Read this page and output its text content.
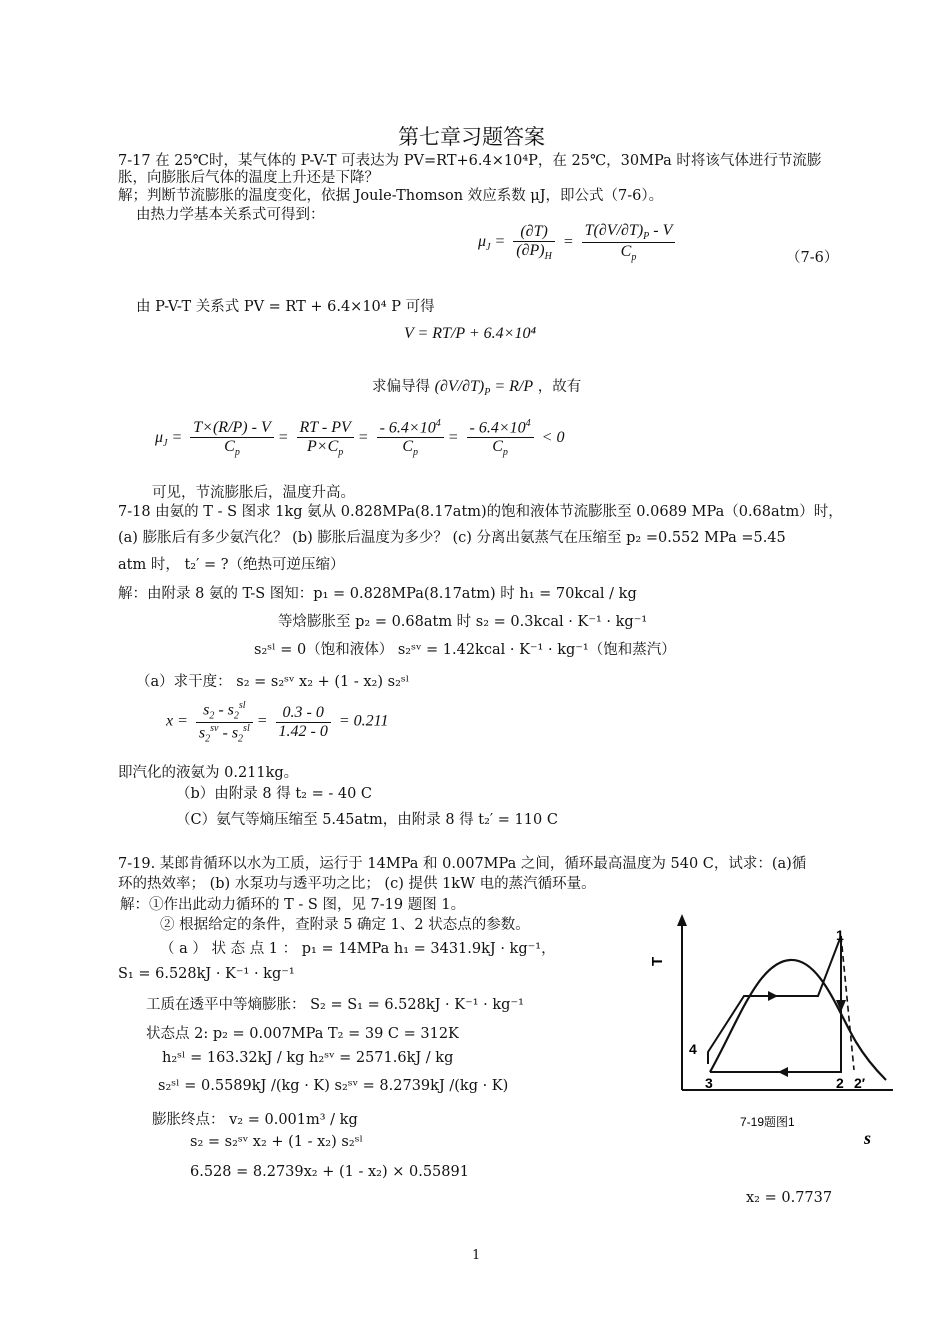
第七章习题答案
7-17 在 25℃时，某气体的 P-V-T 可表达为 PV=RT+6.4×10⁴P，在 25℃，30MPa 时将该气体进行节流膨
胀，向膨胀后气体的温度上升还是下降？
解；判断节流膨胀的温度变化，依据 Joule-Thomson 效应系数 μJ，即公式（7-6）。
由热力学基本关系式可得到：
$\mu_J = \frac{(\partial T)}{(\partial P)_H} = \frac{T(\partial V/\partial T)_P - V}{C_p}$	（7-6）
由 P-V-T 关系式 PV = RT + 6.4×10⁴ P 可得
V = RT/P + 6.4×10⁴
求偏导得 $(\partial V/\partial T)_P = R/P$ ，故有
$\mu_J = \frac{T\times(R/P) - V}{C_p} = \frac{RT - PV}{P\times C_p} = \frac{- 6.4\times 10^4}{C_p} = \frac{- 6.4\times 10^4}{C_p} < 0$
可见，节流膨胀后，温度升高。
7-18 由氨的 T - S 图求 1kg 氨从 0.828MPa(8.17atm)的饱和液体节流膨胀至 0.0689 MPa（0.68atm）时，
(a) 膨胀后有多少氨汽化？ (b) 膨胀后温度为多少？ (c) 分离出氨蒸气在压缩至 p₂ =0.552 MPa =5.45
atm 时， t₂′ = ?（绝热可逆压缩）
解：由附录 8 氨的 T-S 图知：p₁ = 0.828MPa(8.17atm) 时 h₁ = 70kcal / kg
等焓膨胀至 p₂ = 0.68atm 时 s₂ = 0.3kcal · K⁻¹ · kg⁻¹
s₂ˢˡ = 0（饱和液体） s₂ˢᵛ = 1.42kcal · K⁻¹ · kg⁻¹（饱和蒸汽）
（a）求干度： s₂ = s₂ˢᵛ x₂ + (1 - x₂) s₂ˢˡ
$x = \frac{s_2 - s_2^{sl}}{s_2^{sv} - s_2^{sl}} = \frac{0.3 - 0}{1.42 - 0} = 0.211$
即汽化的液氨为 0.211kg。
（b）由附录 8 得 t₂ = - 40 C
（C）氨气等熵压缩至 5.45atm，由附录 8 得 t₂′ = 110 C
7-19. 某郎肯循环以水为工质，运行于 14MPa 和 0.007MPa 之间，循环最高温度为 540 C，试求：(a)循
环的热效率； (b) 水泵功与透平功之比； (c) 提供 1kW 电的蒸汽循环量。
解：①作出此动力循环的 T - S 图，见 7-19 题图 1。
② 根据给定的条件，查附录 5 确定 1、2 状态点的参数。
（ a ） 状 态 点 1 ： p₁ = 14MPa h₁ = 3431.9kJ · kg⁻¹，
S₁ = 6.528kJ · K⁻¹ · kg⁻¹
工质在透平中等熵膨胀： S₂ = S₁ = 6.528kJ · K⁻¹ · kg⁻¹
状态点 2: p₂ = 0.007MPa T₂ = 39 C = 312K
h₂ˢˡ = 163.32kJ / kg h₂ˢᵛ = 2571.6kJ / kg
s₂ˢˡ = 0.5589kJ /(kg · K) s₂ˢᵛ = 8.2739kJ /(kg · K)
膨胀终点： v₂ = 0.001m³ / kg
s₂ = s₂ˢᵛ x₂ + (1 - x₂) s₂ˢˡ
6.528 = 8.2739x₂ + (1 - x₂) × 0.55891
x₂ = 0.7737
1
2 2′
3
4
T
s
7-19题图1
1
